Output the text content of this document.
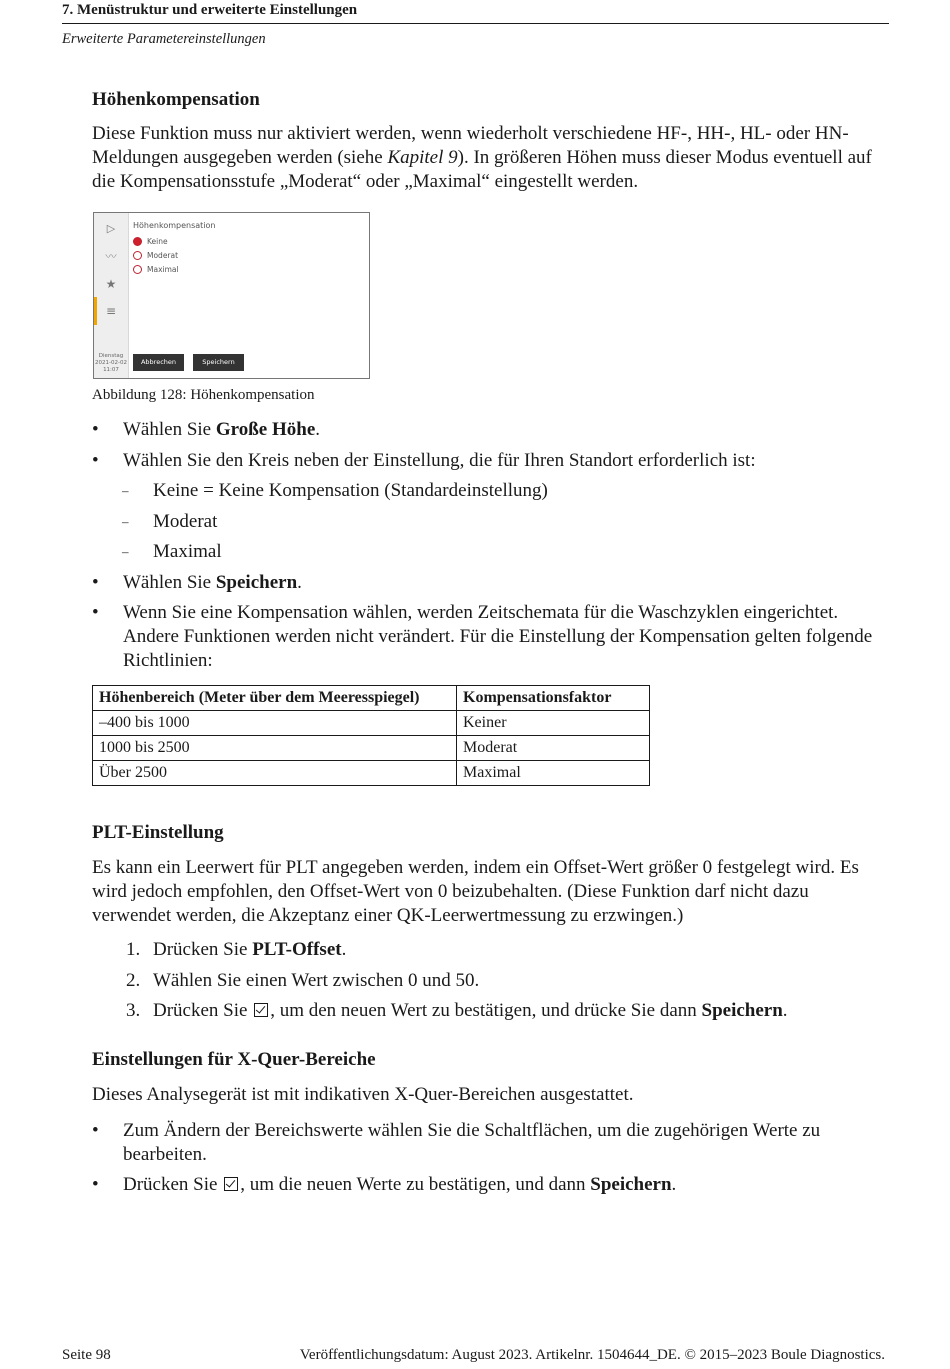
7. Menüstruktur und erweiterte Einstellungen
Erweiterte Parametereinstellungen
Höhenkompensation

Diese Funktion muss nur aktiviert werden, wenn wiederholt verschiedene HF-, HH-, HL- oder HN-Meldungen ausgegeben werden (siehe Kapitel 9). In größeren Höhen muss dieser Modus eventuell auf die Kompensationsstufe „Moderat“ oder „Maximal“ eingestellt werden.

▷
〰
★
≡
Dienstag
2021-02-02
11:07
Höhenkompensation
Keine
Moderat
Maximal
Abbrechen	Speichern
Abbildung 128: Höhenkompensation
•	Wählen Sie Große Höhe.
•	Wählen Sie den Kreis neben der Einstellung, die für Ihren Standort erforderlich ist:
– Keine = Keine Kompensation (Standardeinstellung)
– Moderat
– Maximal
•	Wählen Sie Speichern.
•	Wenn Sie eine Kompensation wählen, werden Zeitschemata für die Waschzyklen eingerichtet. Andere Funktionen werden nicht verändert. Für die Einstellung der Kompensation gelten folgende Richtlinien:
Höhenbereich (Meter über dem Meeresspiegel)	Kompensationsfaktor
–400 bis 1000	Keiner
1000 bis 2500	Moderat
Über 2500	Maximal
PLT-Einstellung

Es kann ein Leerwert für PLT angegeben werden, indem ein Offset-Wert größer 0 festgelegt wird. Es wird jedoch empfohlen, den Offset-Wert von 0 beizubehalten. (Diese Funktion darf nicht dazu verwendet werden, die Akzeptanz einer QK-Leerwertmessung zu erzwingen.)

1. Drücken Sie PLT-Offset.
2. Wählen Sie einen Wert zwischen 0 und 50.
3. Drücken Sie , um den neuen Wert zu bestätigen, und drücke Sie dann Speichern.
Einstellungen für X-Quer-Bereiche

Dieses Analysegerät ist mit indikativen X-Quer-Bereichen ausgestattet.

•	Zum Ändern der Bereichswerte wählen Sie die Schaltflächen, um die zugehörigen Werte zu bearbeiten.
•	Drücken Sie , um die neuen Werte zu bestätigen, und dann Speichern.
Seite 98	Veröffentlichungsdatum: August 2023. Artikelnr. 1504644_DE. © 2015–2023 Boule Diagnostics.
